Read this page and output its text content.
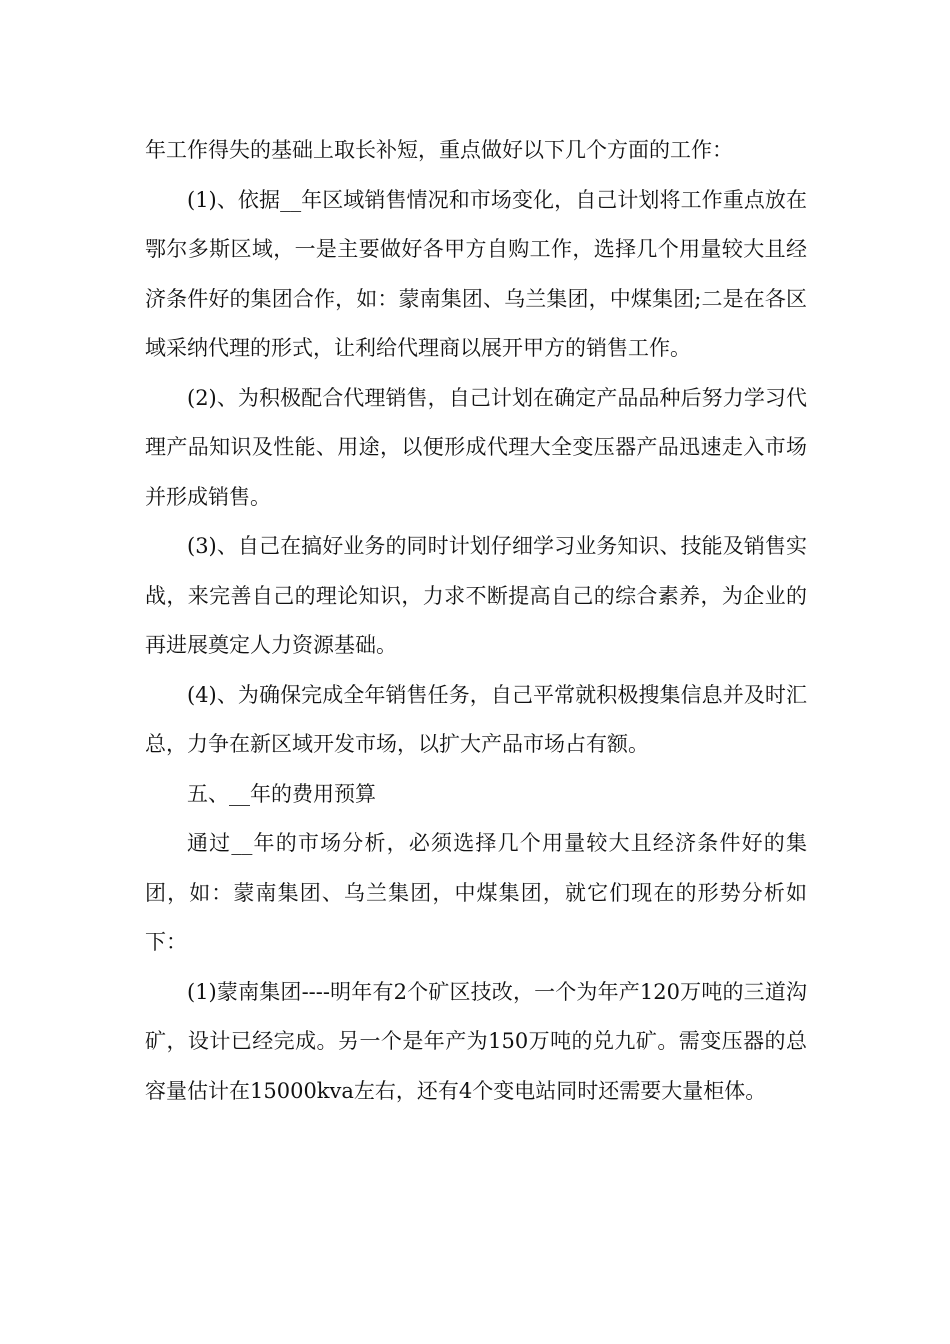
年工作得失的基础上取长补短，重点做好以下几个方面的工作：

(1)、依据__年区域销售情况和市场变化，自己计划将工作重点放在鄂尔多斯区域，一是主要做好各甲方自购工作，选择几个用量较大且经济条件好的集团合作，如：蒙南集团、乌兰集团，中煤集团;二是在各区域采纳代理的形式，让利给代理商以展开甲方的销售工作。

(2)、为积极配合代理销售，自己计划在确定产品品种后努力学习代理产品知识及性能、用途，以便形成代理大全变压器产品迅速走入市场并形成销售。

(3)、自己在搞好业务的同时计划仔细学习业务知识、技能及销售实战，来完善自己的理论知识，力求不断提高自己的综合素养，为企业的再进展奠定人力资源基础。

(4)、为确保完成全年销售任务，自己平常就积极搜集信息并及时汇总，力争在新区域开发市场，以扩大产品市场占有额。

五、__年的费用预算

通过__年的市场分析，必须选择几个用量较大且经济条件好的集团，如：蒙南集团、乌兰集团，中煤集团，就它们现在的形势分析如下：

(1)蒙南集团----明年有2个矿区技改，一个为年产120万吨的三道沟矿，设计已经完成。另一个是年产为150万吨的兑九矿。需变压器的总容量估计在15000kva左右，还有4个变电站同时还需要大量柜体。
